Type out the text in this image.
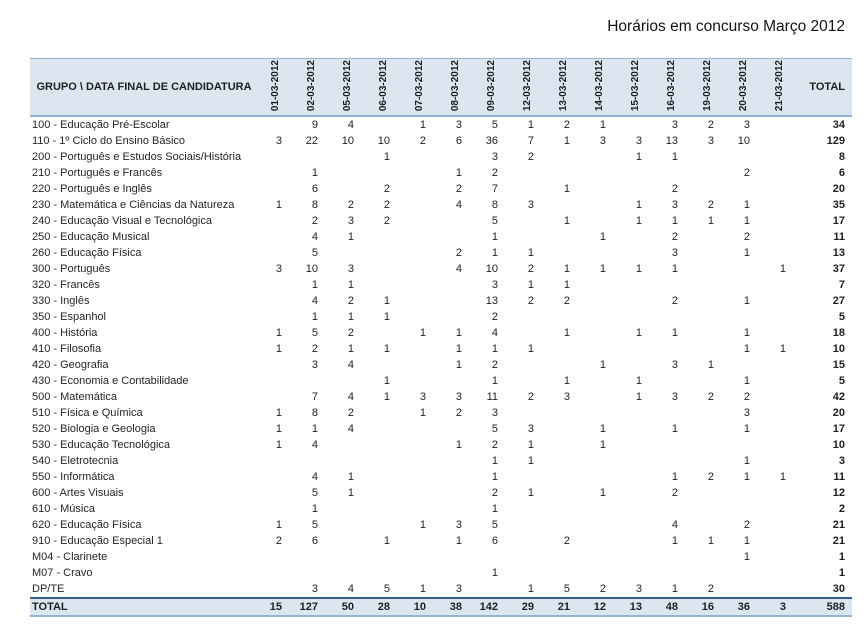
Horários em concurso Março 2012
GRUPO \ DATA FINAL DE CANDIDATURA	01-03-2012	02-03-2012	05-03-2012	06-03-2012	07-03-2012	08-03-2012	09-03-2012	12-03-2012	13-03-2012	14-03-2012	15-03-2012	16-03-2012	19-03-2012	20-03-2012	21-03-2012	TOTAL
100 - Educação Pré-Escolar		9	4		1	3	5	1	2	1		3	2	3		34
110 - 1º Ciclo do Ensino Básico	3	22	10	10	2	6	36	7	1	3	3	13	3	10		129
200 - Português e Estudos Sociais/História				1			3	2			1	1				8
210 - Português e Francês		1				1	2							2		6
220 - Português e Inglês		6		2		2	7		1			2				20
230 - Matemática e Ciências da Natureza	1	8	2	2		4	8	3			1	3	2	1		35
240 - Educação Visual e Tecnológica		2	3	2			5		1		1	1	1	1		17
250 - Educação Musical		4	1				1			1		2		2		11
260 - Educação Física		5				2	1	1				3		1		13
300 - Português	3	10	3			4	10	2	1	1	1	1			1	37
320 - Francês		1	1				3	1	1							7
330 - Inglês		4	2	1			13	2	2			2		1		27
350 - Espanhol		1	1	1			2									5
400 - História	1	5	2		1	1	4		1		1	1		1		18
410 - Filosofia	1	2	1	1		1	1	1						1	1	10
420 - Geografia		3	4			1	2			1		3	1			15
430 - Economia e Contabilidade				1			1		1		1			1		5
500 - Matemática		7	4	1	3	3	11	2	3		1	3	2	2		42
510 - Física e Química	1	8	2		1	2	3							3		20
520 - Biologia e Geologia	1	1	4				5	3		1		1		1		17
530 - Educação Tecnológica	1	4				1	2	1		1						10
540 - Eletrotecnia							1	1						1		3
550 - Informática		4	1				1					1	2	1	1	11
600 - Artes Visuais		5	1				2	1		1		2				12
610 - Música		1					1									2
620 - Educação Física	1	5			1	3	5					4		2		21
910 - Educação Especial 1	2	6		1		1	6		2			1	1	1		21
M04 - Clarinete														1		1
M07 - Cravo							1									1
DP/TE		3	4	5	1	3		1	5	2	3	1	2			30
TOTAL	15	127	50	28	10	38	142	29	21	12	13	48	16	36	3	588
